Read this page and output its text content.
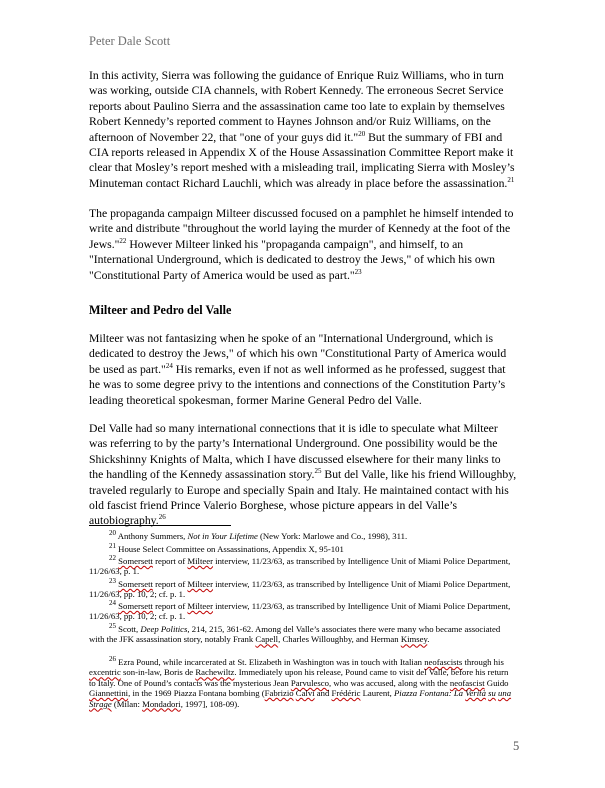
Peter Dale Scott
In this activity, Sierra was following the guidance of Enrique Ruiz Williams, who in turn was working, outside CIA channels, with Robert Kennedy. The erroneous Secret Service reports about Paulino Sierra and the assassination came too late to explain by themselves Robert Kennedy’s reported comment to Haynes Johnson and/or Ruiz Williams, on the afternoon of November 22, that "one of your guys did it."$^{20}$ But the summary of FBI and CIA reports released in Appendix X of the House Assassination Committee Report make it clear that Mosley’s report meshed with a misleading trail, implicating Sierra with Mosley’s Minuteman contact Richard Lauchli, which was already in place before the assassination.$^{21}$
The propaganda campaign Milteer discussed focused on a pamphlet he himself intended to write and distribute "throughout the world laying the murder of Kennedy at the foot of the Jews."$^{22}$ However Milteer linked his "propaganda campaign", and himself, to an "International Underground, which is dedicated to destroy the Jews," of which his own "Constitutional Party of America would be used as part."$^{23}$
Milteer and Pedro del Valle
Milteer was not fantasizing when he spoke of an "International Underground, which is dedicated to destroy the Jews," of which his own "Constitutional Party of America would be used as part."$^{24}$ His remarks, even if not as well informed as he professed, suggest that he was to some degree privy to the intentions and connections of the Constitution Party’s leading theoretical spokesman, former Marine General Pedro del Valle.
Del Valle had so many international connections that it is idle to speculate what Milteer was referring to by the party’s International Underground. One possibility would be the Shickshinny Knights of Malta, which I have discussed elsewhere for their many links to the handling of the Kennedy assassination story.$^{25}$ But del Valle, like his friend Willoughby, traveled regularly to Europe and specially Spain and Italy. He maintained contact with his old fascist friend Prince Valerio Borghese, whose picture appears in del Valle’s autobiography.$^{26}$
$^{20}$ Anthony Summers, Not in Your Lifetime (New York: Marlowe and Co., 1998), 311.
$^{21}$ House Select Committee on Assassinations, Appendix X, 95-101
$^{22}$ Somersett report of Milteer interview, 11/23/63, as transcribed by Intelligence Unit of Miami Police Department, 11/26/63, p. 1.
$^{23}$ Somersett report of Milteer interview, 11/23/63, as transcribed by Intelligence Unit of Miami Police Department, 11/26/63, pp. 10, 2; cf. p. 1.
$^{24}$ Somersett report of Milteer interview, 11/23/63, as transcribed by Intelligence Unit of Miami Police Department, 11/26/63, pp. 10, 2; cf. p. 1.
$^{25}$ Scott, Deep Politics, 214, 215, 361-62. Among del Valle’s associates there were many who became associated with the JFK assassination story, notably Frank Capell, Charles Willoughby, and Herman Kimsey.
$^{26}$ Ezra Pound, while incarcerated at St. Elizabeth in Washington was in touch with Italian neofascists through his excentric son-in-law, Boris de Rachewiltz. Immediately upon his release, Pound came to visit del Valle, before his return to Italy. One of Pound’s contacts was the mysterious Jean Parvulesco, who was accused, along with the neofascist Guido Giannettini, in the 1969 Piazza Fontana bombing (Fabrizio Calvi and Frédéric Laurent, Piazza Fontana: La Verità su una Strage (Milan: Mondadori, 1997], 108-09).
5
